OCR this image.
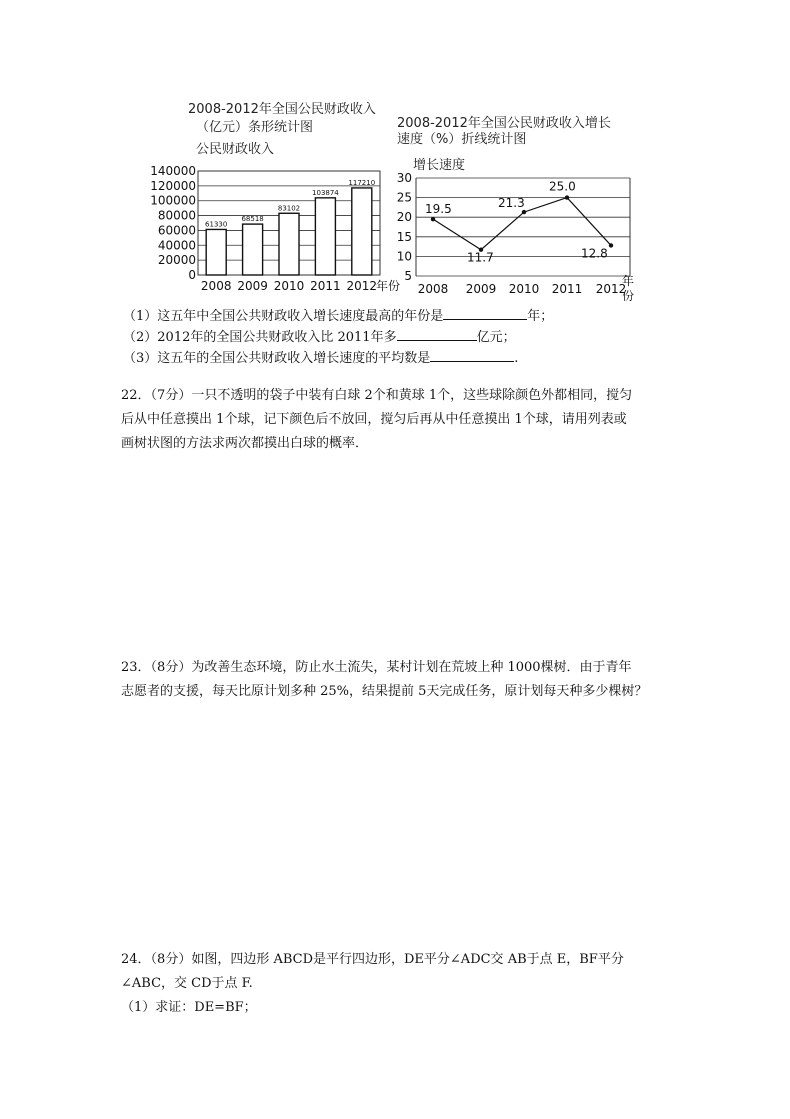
2008-2012年全国公民财政收入
（亿元）条形统计图
公民财政收入
2008-2012年全国公民财政收入增长
速度（%）折线统计图
增长速度
0
20000
40000
60000
80000
100000
120000
140000
61330
2008
68518
2009
83102
2010
103874
2011
117210
2012
年份
5
10
15
20
25
30
19.5
2008
11.7
2009
21.3
2010
25.0
2011
12.8
2012
年
份
（1）这五年中全国公共财政收入增长速度最高的年份是	年；
（2）2012年的全国公共财政收入比 2011年多	亿元；
（3）这五年的全国公共财政收入增长速度的平均数是	.
22．（7分）一只不透明的袋子中装有白球 2个和黄球 1个，这些球除颜色外都相同，搅匀
后从中任意摸出 1个球，记下颜色后不放回，搅匀后再从中任意摸出 1个球，请用列表或
画树状图的方法求两次都摸出白球的概率．
23．（8分）为改善生态环境，防止水土流失，某村计划在荒坡上种 1000棵树．由于青年
志愿者的支援，每天比原计划多种 25%，结果提前 5天完成任务，原计划每天种多少棵树？
24．（8分）如图，四边形 ABCD是平行四边形，DE平分∠ADC交 AB于点 E，BF平分
∠ABC，交 CD于点 F.
（1）求证：DE=BF；
